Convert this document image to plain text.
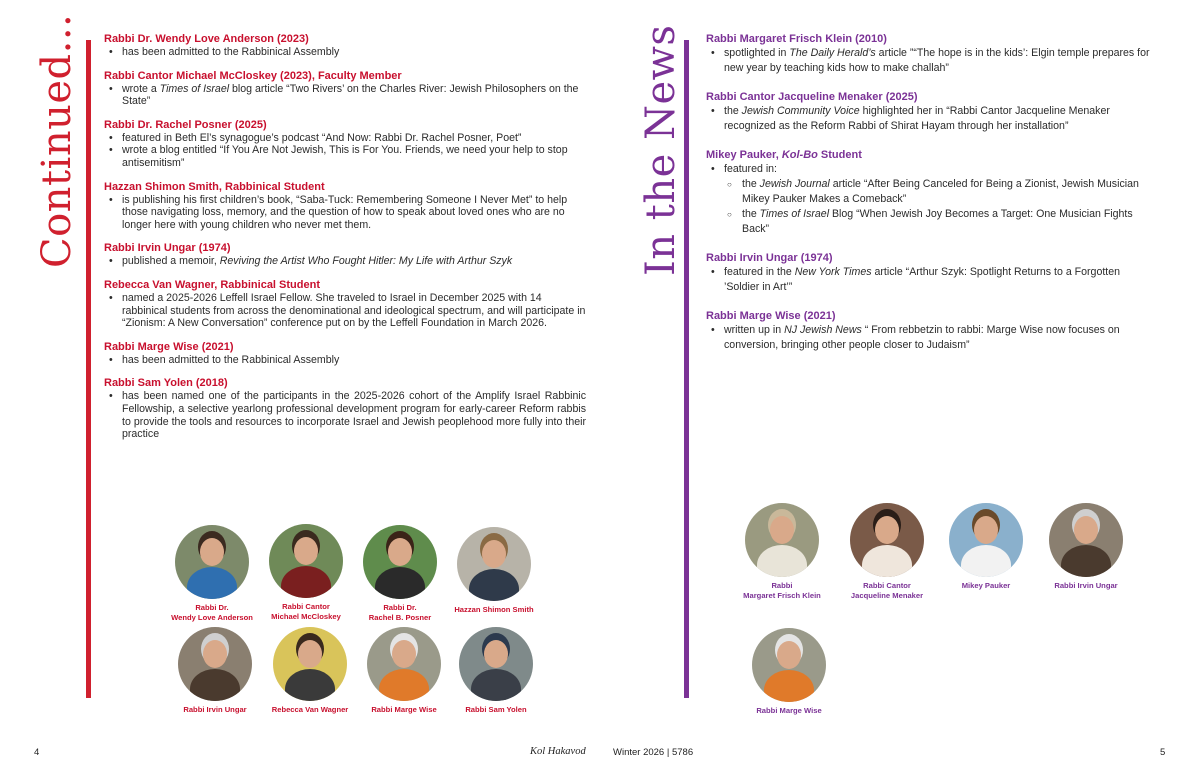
Continued... Rabbi Dr. Wendy Love Anderson (2023)
• has been admitted to the Rabbinical Assembly
Rabbi Cantor Michael McCloskey (2023), Faculty Member
• wrote a Times of Israel blog article “Two Rivers’ on the Charles River: Jewish Philosophers on the State”
Rabbi Dr. Rachel Posner (2025)
• featured in Beth El’s synagogue’s podcast “And Now: Rabbi Dr. Rachel Posner, Poet”
• wrote a blog entitled “If You Are Not Jewish, This is For You. Friends, we need your help to stop antisemitism”
Hazzan Shimon Smith, Rabbinical Student
• is publishing his first children’s book, “Saba-Tuck: Remembering Someone I Never Met” to help those navigating loss, memory, and the question of how to speak about loved ones who are no longer here with young children who never met them.
Rabbi Irvin Ungar (1974)
• published a memoir, Reviving the Artist Who Fought Hitler: My Life with Arthur Szyk
Rebecca Van Wagner, Rabbinical Student
• named a 2025-2026 Leffell Israel Fellow. She traveled to Israel in December 2025 with 14 rabbinical students from across the denominational and ideological spectrum, and will participate in “Zionism: A New Conversation” conference put on by the Leffell Foundation in March 2026.
Rabbi Marge Wise (2021)
• has been admitted to the Rabbinical Assembly
Rabbi Sam Yolen (2018)
• has been named one of the participants in the 2025-2026 cohort of the Amplify Israel Rabbinic Fellowship, a selective yearlong professional development program for early-career Reform rabbis to provide the tools and resources to incorporate Israel and Jewish peoplehood more fully into their practice
In the News Rabbi Margaret Frisch Klein (2010)
• spotlighted in The Daily Herald’s article ”“The hope is in the kids’: Elgin temple prepares for new year by teaching kids how to make challah”
Rabbi Cantor Jacqueline Menaker (2025)
• the Jewish Community Voice highlighted her in “Rabbi Cantor Jacqueline Menaker recognized as the Reform Rabbi of Shirat Hayam through her installation”
Mikey Pauker, Kol-Bo Student
• featured in:
○ the Jewish Journal article “After Being Canceled for Being a Zionist, Jewish Musician Mikey Pauker Makes a Comeback”
○ the Times of Israel Blog “When Jewish Joy Becomes a Target: One Musician Fights Back”
Rabbi Irvin Ungar (1974)
• featured in the New York Times article “Arthur Szyk: Spotlight Returns to a Forgotten ’Soldier in Art’”
Rabbi Marge Wise (2021)
• written up in NJ Jewish News “ From rebbetzin to rabbi: Marge Wise now focuses on conversion, bringing other people closer to Judaism”
Rabbi Dr.
Wendy Love Anderson
Rabbi Cantor
Michael McCloskey
Rabbi Dr.
Rachel B. Posner
Hazzan Shimon Smith
Rabbi Irvin Ungar	Rebecca Van Wagner	Rabbi Marge Wise	Rabbi Sam Yolen
Rabbi
Margaret Frisch Klein
Rabbi Cantor
Jacqueline Menaker
Mikey Pauker	Rabbi Irvin Ungar
Rabbi Marge Wise
4	Kol Hakavod	Winter 2026 | 5786	5
